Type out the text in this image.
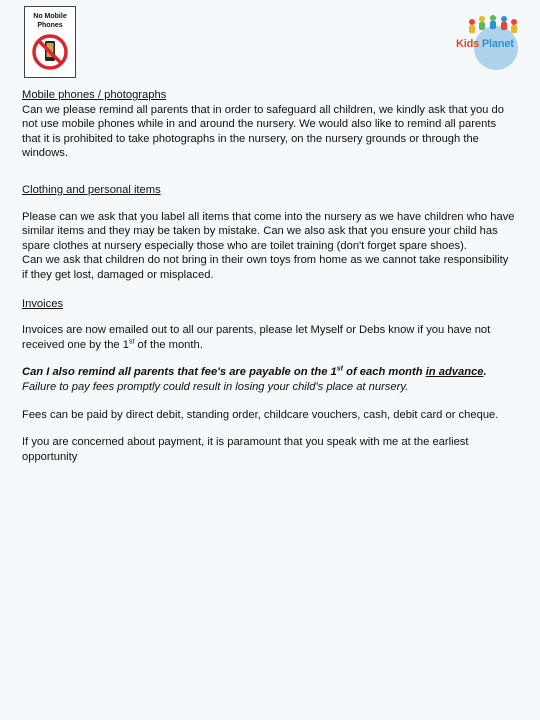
No Mobile
Phones
Kids Planet
Mobile phones / photographs

Can we please remind all parents that in order to safeguard all children, we kindly ask that you do not use mobile phones while in and around the nursery. We would also like to remind all parents that it is prohibited to take photographs in the nursery, on the nursery grounds or through the windows.

Clothing and personal items

Please can we ask that you label all items that come into the nursery as we have children who have similar items and they may be taken by mistake. Can we also ask that you ensure your child has spare clothes at nursery especially those who are toilet training (don't forget spare shoes).

Can we ask that children do not bring in their own toys from home as we cannot take responsibility if they get lost, damaged or misplaced.

Invoices

Invoices are now emailed out to all our parents, please let Myself or Debs know if you have not received one by the 1st of the month.

Can I also remind all parents that fee's are payable on the 1st of each month in advance. Failure to pay fees promptly could result in losing your child's place at nursery.

Fees can be paid by direct debit, standing order, childcare vouchers, cash, debit card or cheque.

If you are concerned about payment, it is paramount that you speak with me at the earliest opportunity
